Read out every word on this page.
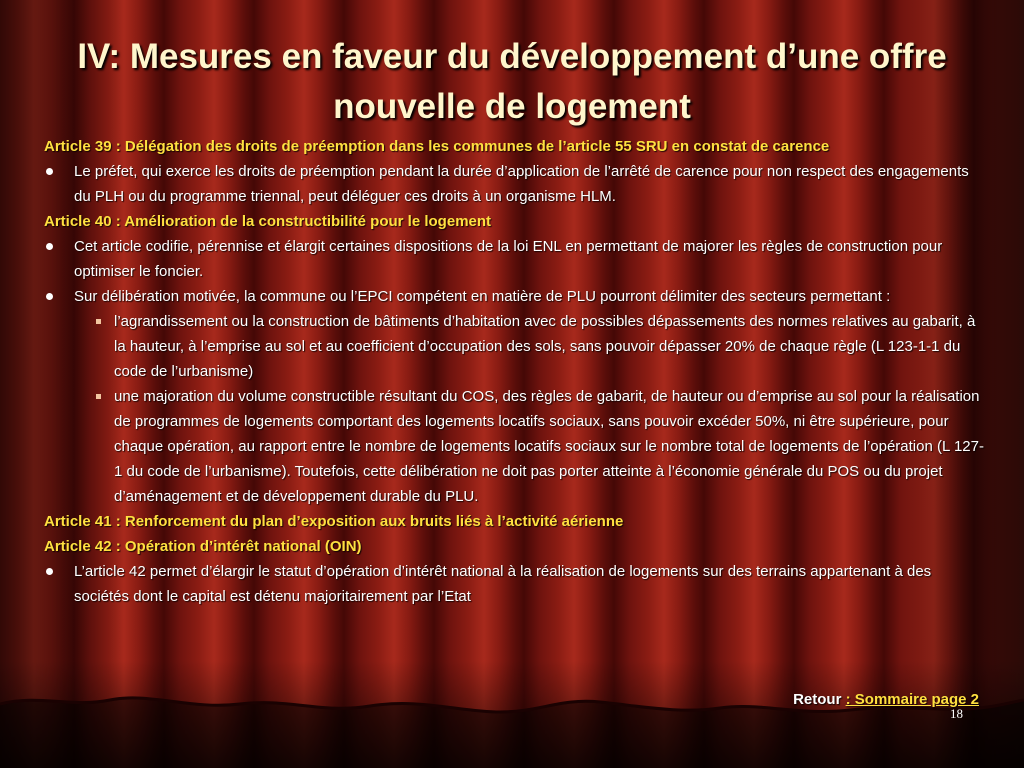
IV: Mesures en faveur du développement d’une offre nouvelle de logement

Article 39 : Délégation des droits de préemption dans les communes de l’article 55 SRU en constat de carence

Le préfet, qui exerce les droits de préemption pendant la durée d’application de l’arrêté de carence pour non respect des engagements du PLH ou du programme triennal, peut déléguer ces droits à un organisme HLM.

Article 40 : Amélioration de la constructibilité pour le logement

Cet article codifie, pérennise et élargit certaines dispositions de la loi ENL en permettant de majorer les règles de construction pour optimiser le foncier.

Sur délibération motivée, la commune ou l’EPCI compétent en matière de PLU pourront délimiter des secteurs permettant :

l’agrandissement ou la construction de bâtiments d’habitation avec de possibles dépassements des normes relatives au gabarit, à la hauteur, à l’emprise au sol et au coefficient d’occupation des sols, sans pouvoir dépasser 20% de chaque règle (L 123-1-1 du code de l’urbanisme)

une majoration du volume constructible résultant du COS, des règles de gabarit, de hauteur ou d’emprise au sol pour la réalisation de programmes de logements comportant des logements locatifs sociaux, sans pouvoir excéder 50%, ni être supérieure, pour chaque opération, au rapport entre le nombre de logements locatifs sociaux sur le nombre total de logements de l’opération (L 127-1 du code de l’urbanisme). Toutefois, cette délibération ne doit pas porter atteinte à l’économie générale du POS ou du projet d’aménagement et de développement durable du PLU.

Article 41 : Renforcement du plan d’exposition aux bruits liés à l’activité aérienne

Article 42 : Opération d’intérêt national (OIN)

L’article 42 permet d’élargir le statut d’opération d’intérêt national à la réalisation de logements sur des terrains appartenant à des sociétés dont le capital est détenu majoritairement par l’Etat

Retour : Sommaire page 2
18
